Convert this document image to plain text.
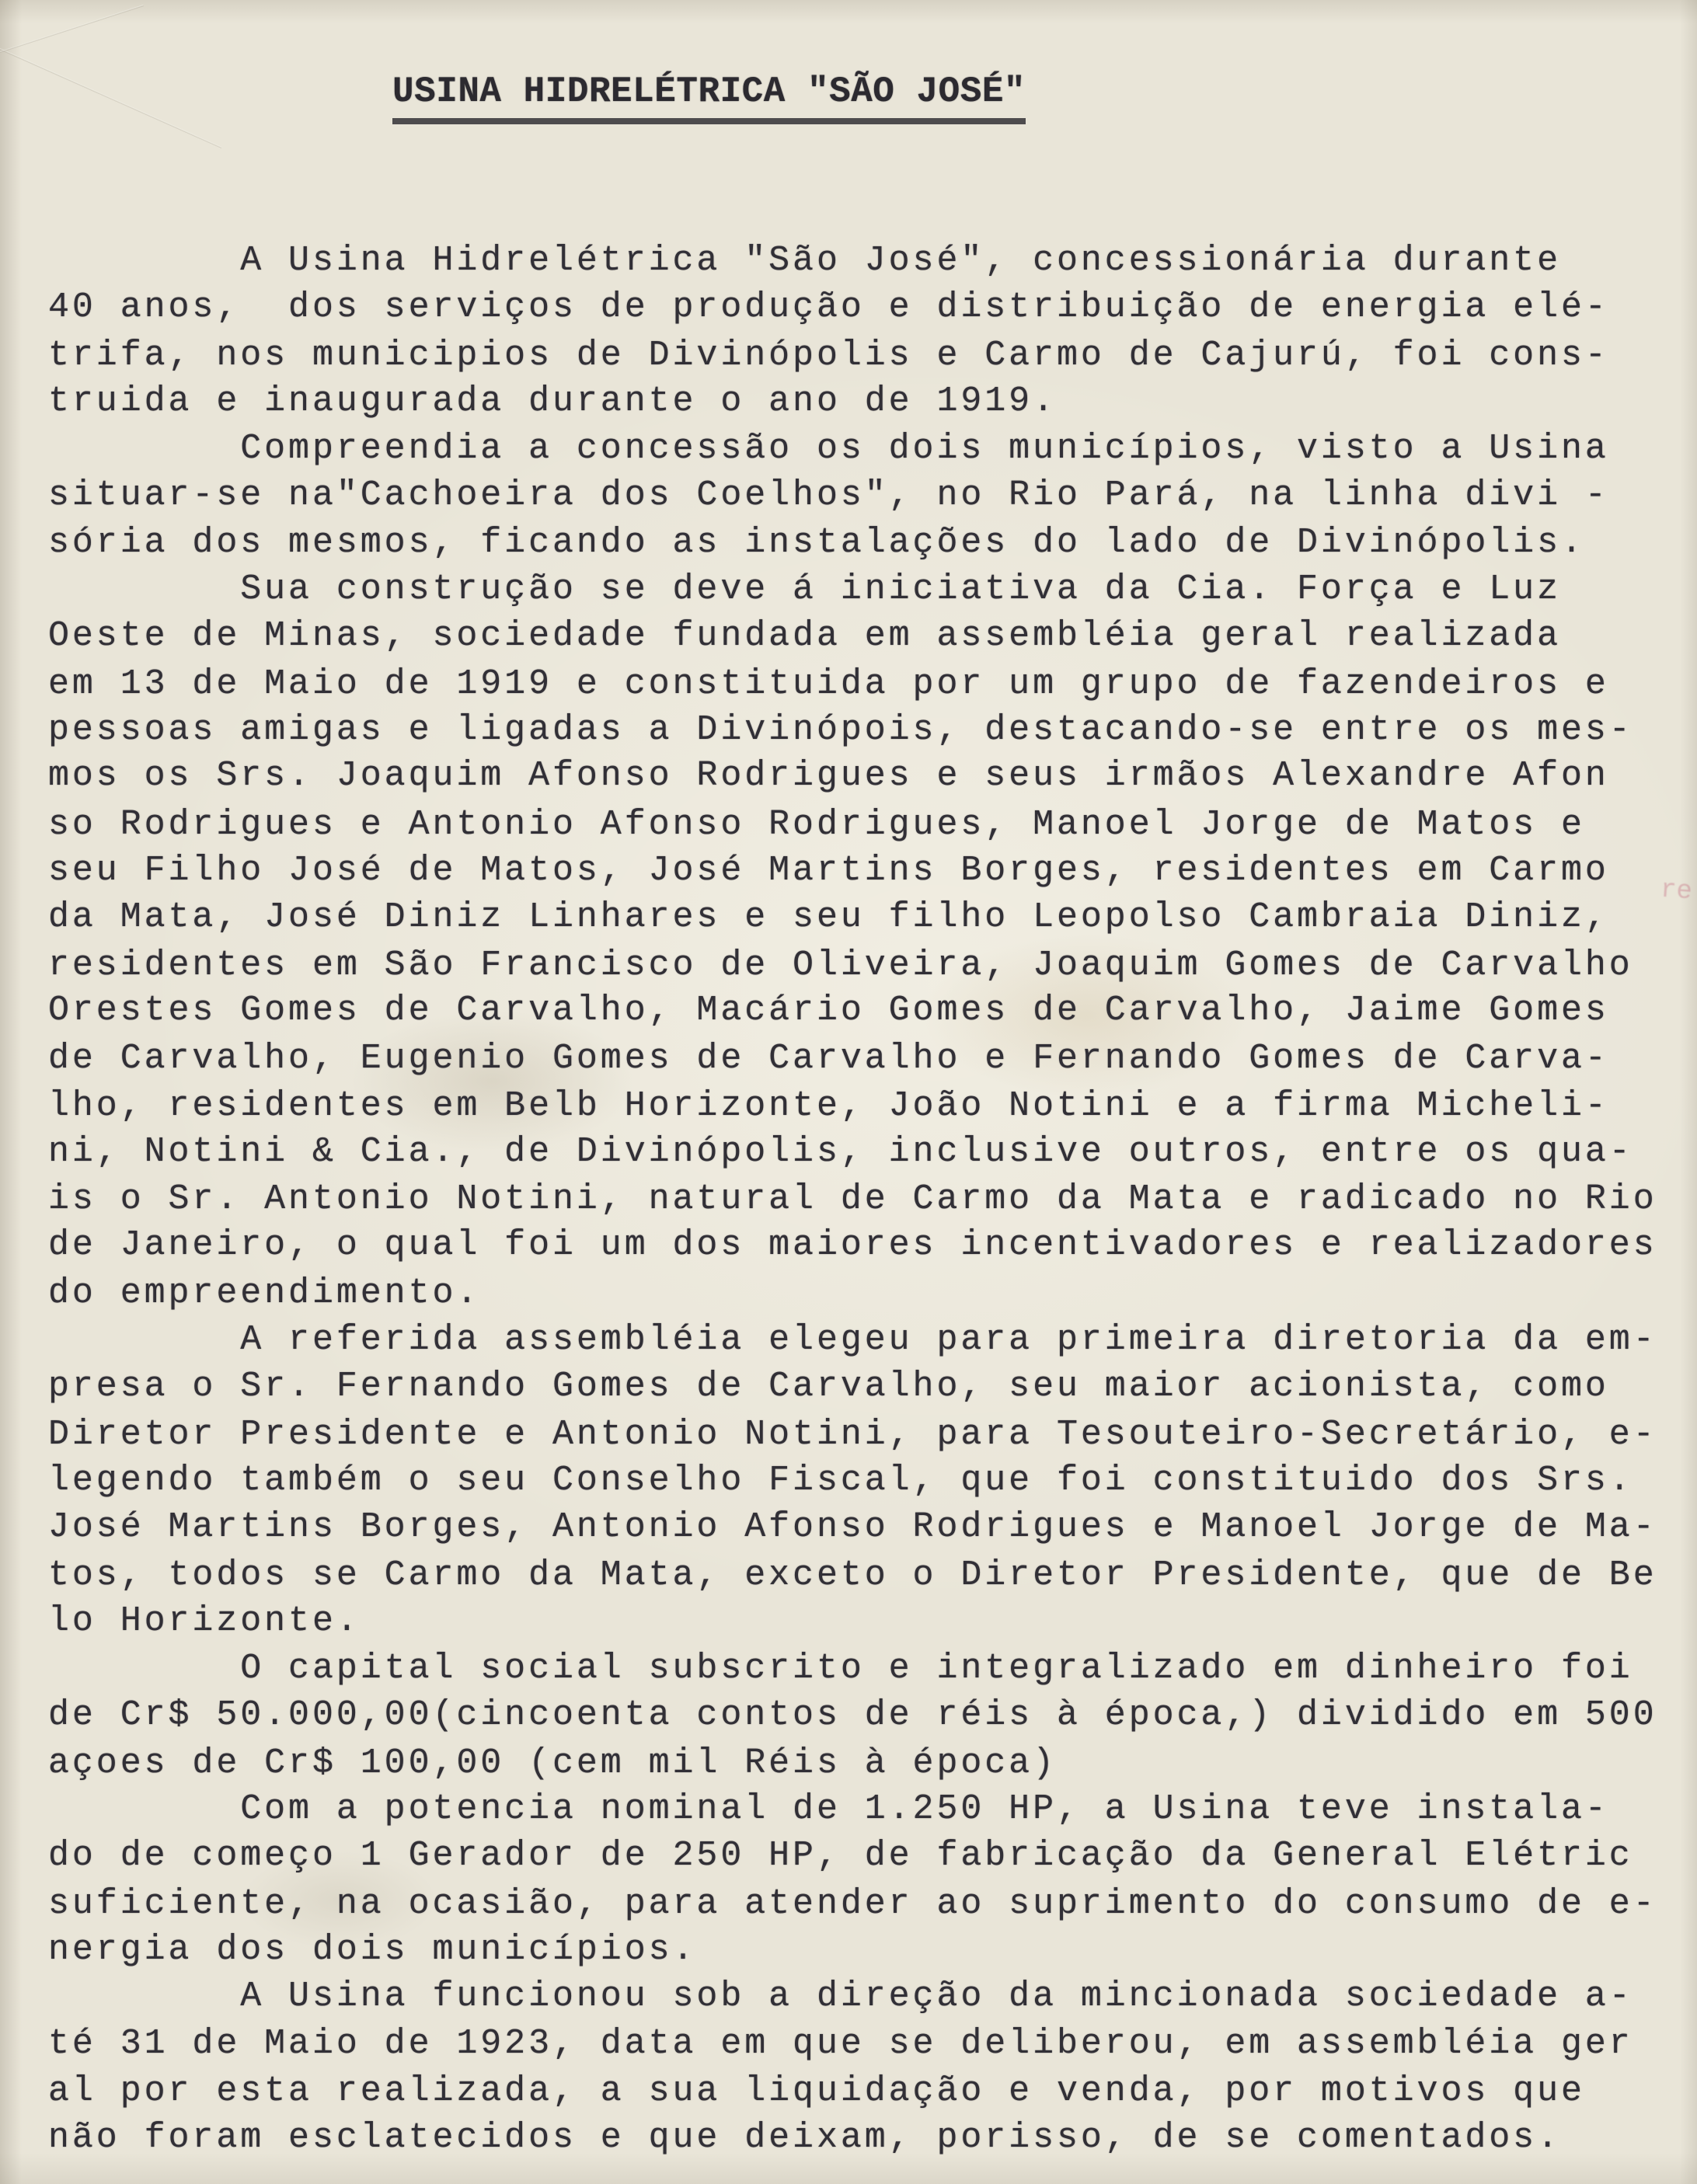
USINA HIDRELÉTRICA "SÃO JOSÉ"
A Usina Hidrelétrica "São José", concessionária durante
40 anos,  dos serviços de produção e distribuição de energia elé-
trifa, nos municipios de Divinópolis e Carmo de Cajurú, foi cons-
truida e inaugurada durante o ano de 1919.
Compreendia a concessão os dois municípios, visto a Usina
situar-se na"Cachoeira dos Coelhos", no Rio Pará, na linha divi -
sória dos mesmos, ficando as instalações do lado de Divinópolis.
Sua construção se deve á iniciativa da Cia. Força e Luz
Oeste de Minas, sociedade fundada em assembléia geral realizada
em 13 de Maio de 1919 e constituida por um grupo de fazendeiros e
pessoas amigas e ligadas a Divinópois, destacando-se entre os mes-
mos os Srs. Joaquim Afonso Rodrigues e seus irmãos Alexandre Afon
so Rodrigues e Antonio Afonso Rodrigues, Manoel Jorge de Matos e
seu Filho José de Matos, José Martins Borges, residentes em Carmo
da Mata, José Diniz Linhares e seu filho Leopolso Cambraia Diniz,
residentes em São Francisco de Oliveira, Joaquim Gomes de Carvalho
Orestes Gomes de Carvalho, Macário Gomes de Carvalho, Jaime Gomes
de Carvalho, Eugenio Gomes de Carvalho e Fernando Gomes de Carva-
lho, residentes em Belb Horizonte, João Notini e a firma Micheli-
ni, Notini & Cia., de Divinópolis, inclusive outros, entre os qua-
is o Sr. Antonio Notini, natural de Carmo da Mata e radicado no Rio
de Janeiro, o qual foi um dos maiores incentivadores e realizadores
do empreendimento.
A referida assembléia elegeu para primeira diretoria da em-
presa o Sr. Fernando Gomes de Carvalho, seu maior acionista, como
Diretor Presidente e Antonio Notini, para Tesouteiro-Secretário, e-
legendo também o seu Conselho Fiscal, que foi constituido dos Srs.
José Martins Borges, Antonio Afonso Rodrigues e Manoel Jorge de Ma-
tos, todos se Carmo da Mata, exceto o Diretor Presidente, que de Be
lo Horizonte.
O capital social subscrito e integralizado em dinheiro foi
de Cr$ 50.000,00(cincoenta contos de réis à época,) dividido em 500
açoes de Cr$ 100,00 (cem mil Réis à época)
Com a potencia nominal de 1.250 HP, a Usina teve instala-
do de começo 1 Gerador de 250 HP, de fabricação da General Elétric
suficiente, na ocasião, para atender ao suprimento do consumo de e-
nergia dos dois municípios.
A Usina funcionou sob a direção da mincionada sociedade a-
té 31 de Maio de 1923, data em que se deliberou, em assembléia ger
al por esta realizada, a sua liquidação e venda, por motivos que
não foram esclatecidos e que deixam, porisso, de se comentados.
re
